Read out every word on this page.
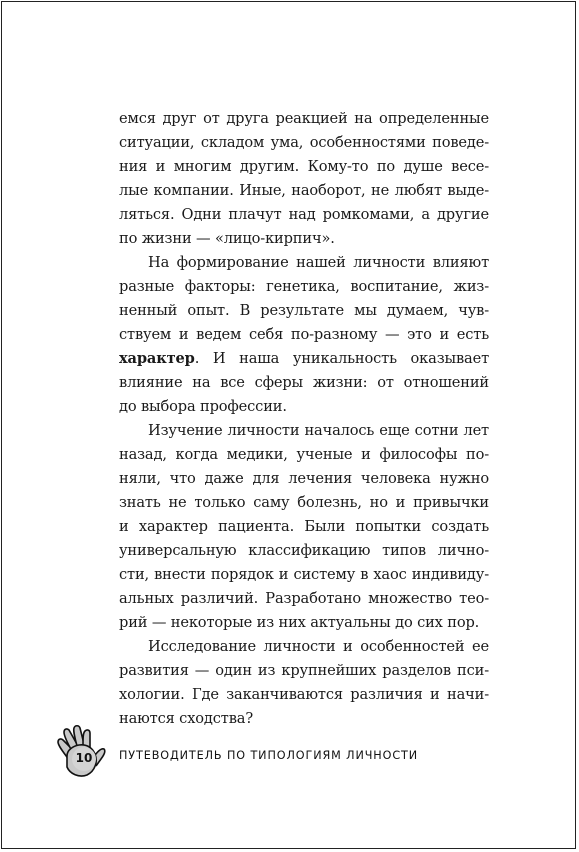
емся друг от друга реакцией на определенные
ситуации, складом ума, особенностями поведе-
ния и многим другим. Кому-то по душе весе-
лые компании. Иные, наоборот, не любят выде-
ляться. Одни плачут над ромкомами, а другие
по жизни — «лицо-кирпич».
На формирование нашей личности влияют
разные факторы: генетика, воспитание, жиз-
ненный опыт. В результате мы думаем, чув-
ствуем и ведем себя по-разному — это и есть
характер. И наша уникальность оказывает
влияние на все сферы жизни: от отношений
до выбора профессии.
Изучение личности началось еще сотни лет
назад, когда медики, ученые и философы по-
няли, что даже для лечения человека нужно
знать не только саму болезнь, но и привычки
и характер пациента. Были попытки создать
универсальную классификацию типов лично-
сти, внести порядок и систему в хаос индивиду-
альных различий. Разработано множество тео-
рий — некоторые из них актуальны до сих пор.
Исследование личности и особенностей ее
развития — один из крупнейших разделов пси-
хологии. Где заканчиваются различия и начи-
наются сходства?
10 ПУТЕВОДИТЕЛЬ ПО ТИПОЛОГИЯМ ЛИЧНОСТИ
